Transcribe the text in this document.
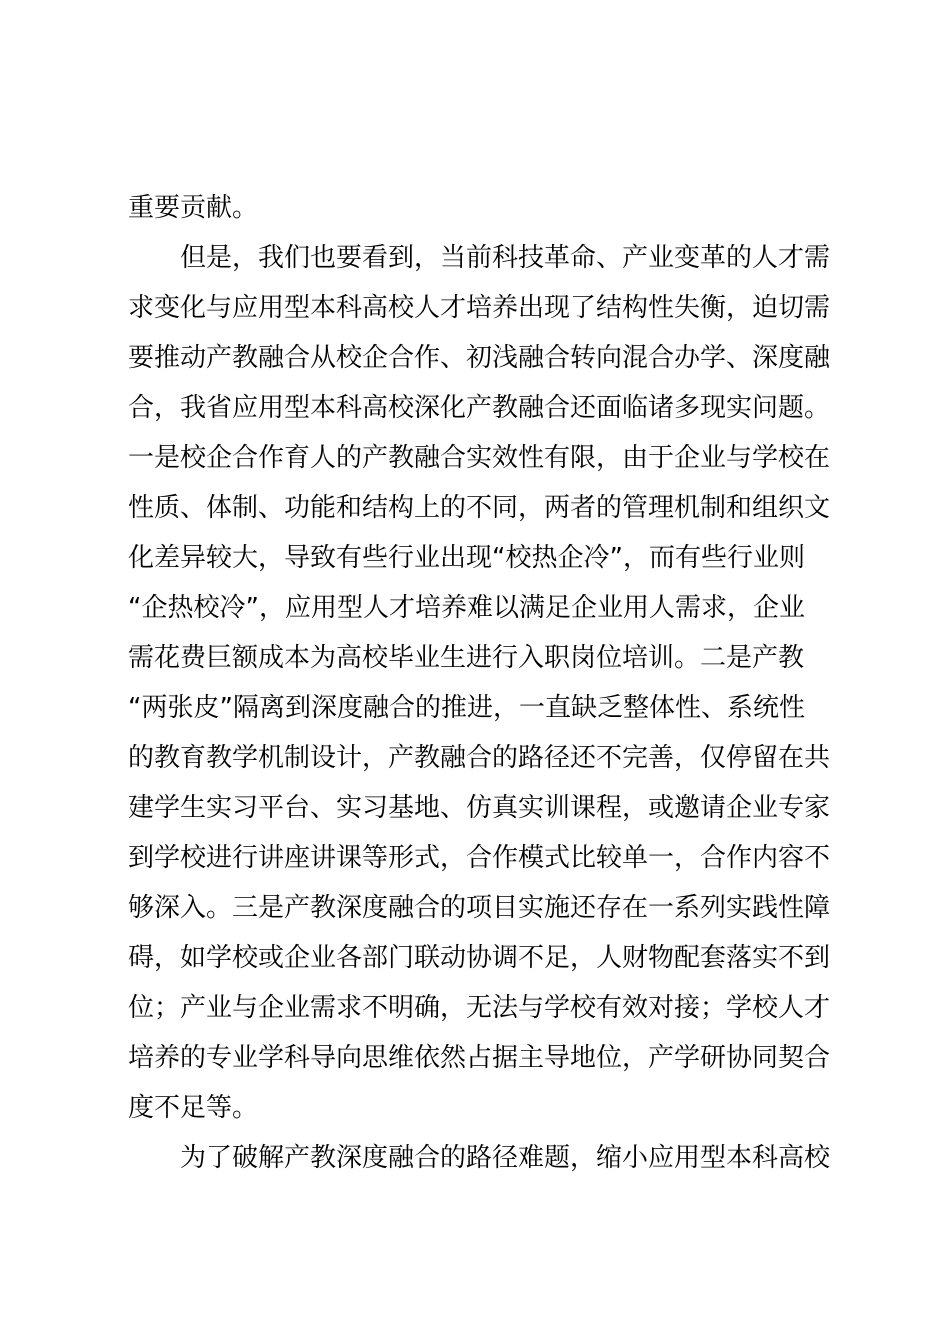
重要贡献。
但是，我们也要看到，当前科技革命、产业变革的人才需
求变化与应用型本科高校人才培养出现了结构性失衡，迫切需
要推动产教融合从校企合作、初浅融合转向混合办学、深度融
合，我省应用型本科高校深化产教融合还面临诸多现实问题。
一是校企合作育人的产教融合实效性有限，由于企业与学校在
性质、体制、功能和结构上的不同，两者的管理机制和组织文
化差异较大，导致有些行业出现“校热企冷”，而有些行业则
“企热校冷”，应用型人才培养难以满足企业用人需求，企业
需花费巨额成本为高校毕业生进行入职岗位培训。二是产教
“两张皮”隔离到深度融合的推进，一直缺乏整体性、系统性
的教育教学机制设计，产教融合的路径还不完善，仅停留在共
建学生实习平台、实习基地、仿真实训课程，或邀请企业专家
到学校进行讲座讲课等形式，合作模式比较单一，合作内容不
够深入。三是产教深度融合的项目实施还存在一系列实践性障
碍，如学校或企业各部门联动协调不足，人财物配套落实不到
位；产业与企业需求不明确，无法与学校有效对接；学校人才
培养的专业学科导向思维依然占据主导地位，产学研协同契合
度不足等。
为了破解产教深度融合的路径难题，缩小应用型本科高校
